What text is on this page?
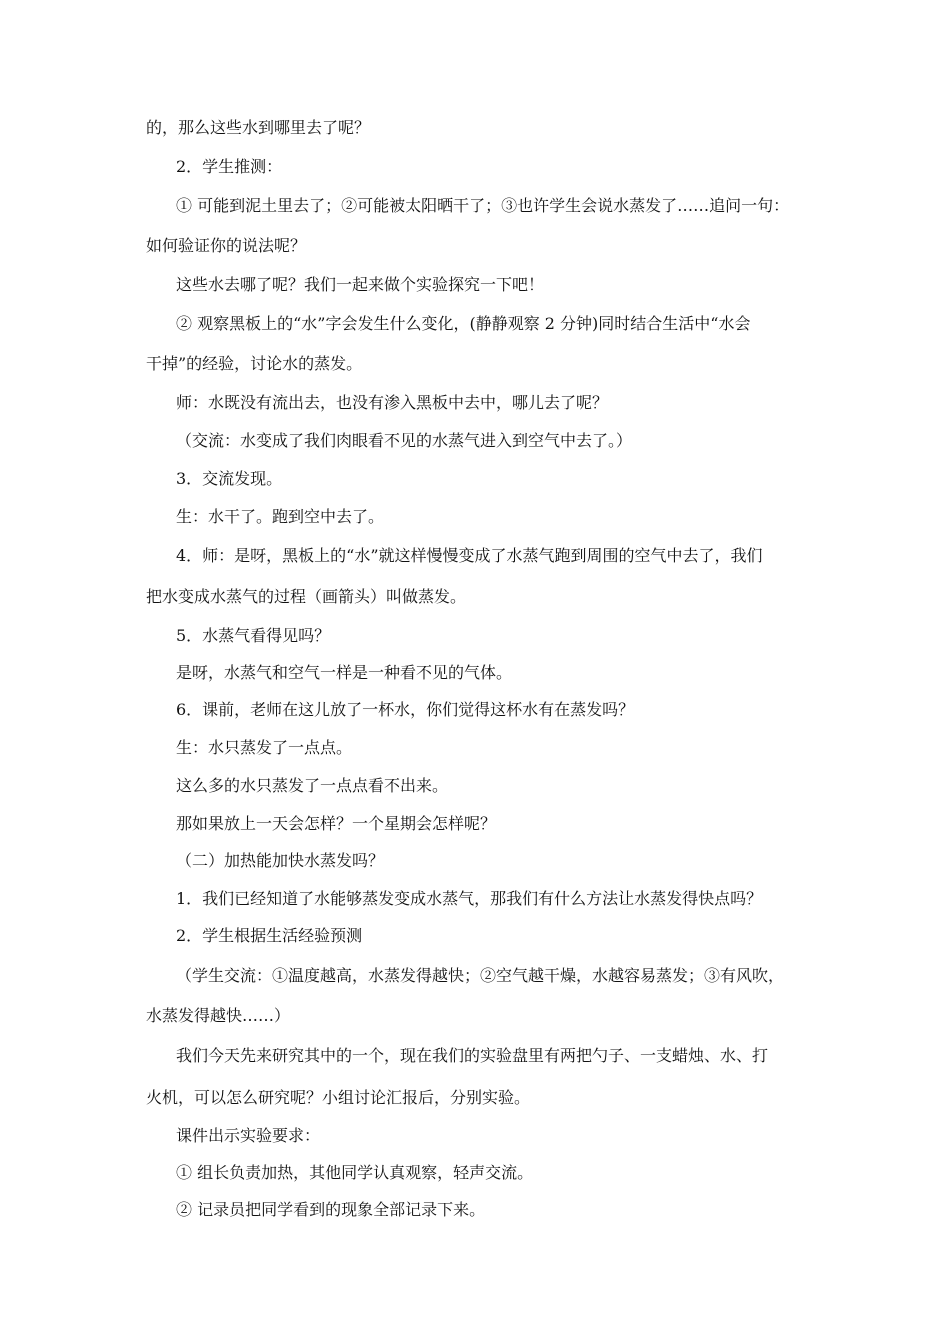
的，那么这些水到哪里去了呢？
2．学生推测：
① 可能到泥土里去了；②可能被太阳晒干了；③也许学生会说水蒸发了……追问一句：
如何验证你的说法呢？
这些水去哪了呢？我们一起来做个实验探究一下吧！
② 观察黑板上的“水”字会发生什么变化，(静静观察 2 分钟)同时结合生活中“水会
干掉”的经验，讨论水的蒸发。
师：水既没有流出去，也没有渗入黑板中去中，哪儿去了呢？
（交流：水变成了我们肉眼看不见的水蒸气进入到空气中去了。）
3．交流发现。
生：水干了。跑到空中去了。
4．师：是呀，黑板上的“水”就这样慢慢变成了水蒸气跑到周围的空气中去了，我们
把水变成水蒸气的过程（画箭头）叫做蒸发。
5．水蒸气看得见吗？
是呀，水蒸气和空气一样是一种看不见的气体。
6．课前，老师在这儿放了一杯水，你们觉得这杯水有在蒸发吗？
生：水只蒸发了一点点。
这么多的水只蒸发了一点点看不出来。
那如果放上一天会怎样？一个星期会怎样呢？
（二）加热能加快水蒸发吗？
1．我们已经知道了水能够蒸发变成水蒸气，那我们有什么方法让水蒸发得快点吗？
2．学生根据生活经验预测
（学生交流：①温度越高，水蒸发得越快；②空气越干燥，水越容易蒸发；③有风吹，
水蒸发得越快……）
我们今天先来研究其中的一个，现在我们的实验盘里有两把勺子、一支蜡烛、水、打
火机，可以怎么研究呢？小组讨论汇报后，分别实验。
课件出示实验要求：
① 组长负责加热，其他同学认真观察，轻声交流。
② 记录员把同学看到的现象全部记录下来。
